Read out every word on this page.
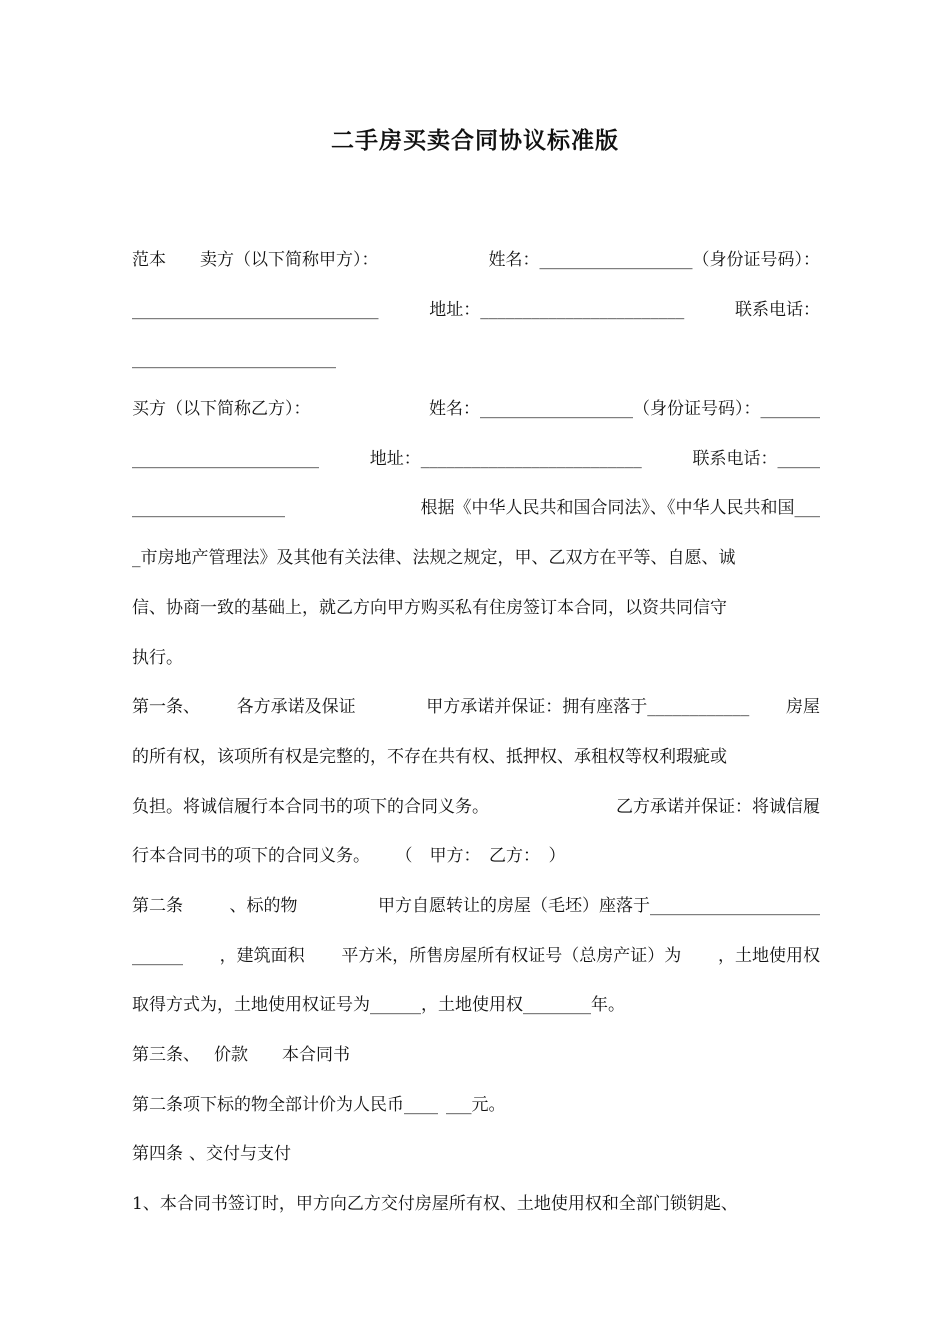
二手房买卖合同协议标准版
范本　　卖方（以下简称甲方）：	　　姓名：__________________（身份证号码）：
_____________________________	地址：________________________	联系电话：
________________________
买方（以下简称乙方）：	　　姓名：__________________（身份证号码）：_______
______________________	地址：__________________________	联系电话：_____
__________________	　　根据《中华人民共和国合同法》、《中华人民共和国___
_市房地产管理法》及其他有关法律、法规之规定，甲、乙双方在平等、自愿、诚
信、协商一致的基础上，就乙方向甲方购买私有住房签订本合同，以资共同信守
执行。
第一条、 各方承诺及保证 　　甲方承诺并保证：拥有座落于____________ 房屋
的所有权，该项所有权是完整的，不存在共有权、抵押权、承租权等权利瑕疵或
负担。将诚信履行本合同书的项下的合同义务。	　　乙方承诺并保证：将诚信履
行本合同书的项下的合同义务。 　　（　甲方：　乙方：　）
第二条	、标的物	　　甲方自愿转让的房屋（毛坯）座落于____________________
______ ，建筑面积 平方米，所售房屋所有权证号（总房产证）为 ，土地使用权
取得方式为 ，土地使用权证号为___ ___，土地使用权________年。
第三条、 价款 　　本合同书
第二条项下标的物全部计价为人民币____ ___元。
第四条 、交付与支付
1、本合同书签订时，甲方向乙方交付房屋所有权、土地使用权和全部门锁钥匙、
